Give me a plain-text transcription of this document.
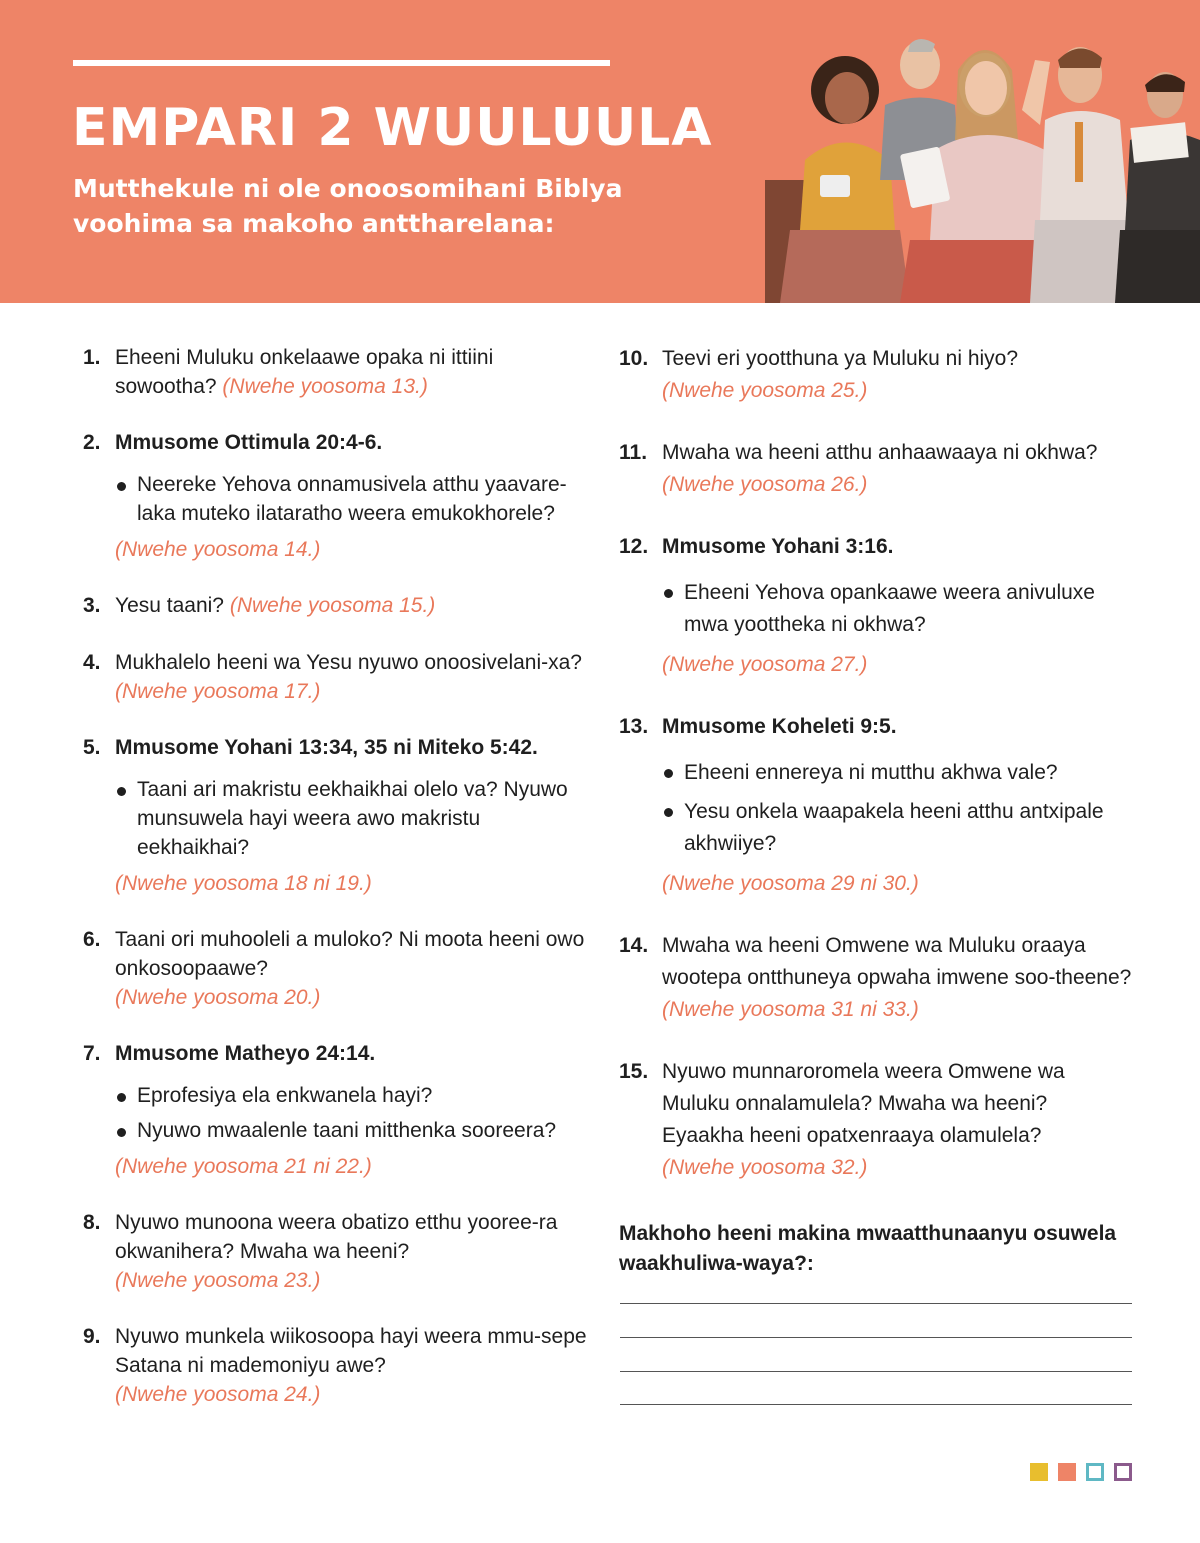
EMPARI 2 WUULUULA

Mutthekule ni ole onoosomihani Biblya voohima sa makoho anttharelana:

1. Eheeni Muluku onkelaawe opaka ni ittiini sowootha? (Nwehe yoosoma 13.)
2. Mmusome Ottimula 20:4-6.
Neereke Yehova onnamusivela atthu yaavare-laka muteko ilataratho weera emukokhorele?
(Nwehe yoosoma 14.)
3. Yesu taani? (Nwehe yoosoma 15.)
4. Mukhalelo heeni wa Yesu nyuwo onoosivelani-xa? (Nwehe yoosoma 17.)
5. Mmusome Yohani 13:34, 35 ni Miteko 5:42.
Taani ari makristu eekhaikhai olelo va? Nyuwo munsuwela hayi weera awo makristu eekhaikhai?
(Nwehe yoosoma 18 ni 19.)
6. Taani ori muhooleli a muloko? Ni moota heeni owo onkosoopaawe?
(Nwehe yoosoma 20.)
7. Mmusome Matheyo 24:14.
Eprofesiya ela enkwanela hayi?
Nyuwo mwaalenle taani mitthenka sooreera?
(Nwehe yoosoma 21 ni 22.)
8. Nyuwo munoona weera obatizo etthu yooree-ra okwanihera? Mwaha wa heeni?
(Nwehe yoosoma 23.)
9. Nyuwo munkela wiikosoopa hayi weera mmu-sepe Satana ni mademoniyu awe?
(Nwehe yoosoma 24.)
10. Teevi eri yootthuna ya Muluku ni hiyo?
(Nwehe yoosoma 25.)
11. Mwaha wa heeni atthu anhaawaaya ni okhwa?
(Nwehe yoosoma 26.)
12. Mmusome Yohani 3:16.
Eheeni Yehova opankaawe weera anivuluxe mwa yoottheka ni okhwa?
(Nwehe yoosoma 27.)
13. Mmusome Koheleti 9:5.
Eheeni ennereya ni mutthu akhwa vale?
Yesu onkela waapakela heeni atthu antxipale akhwiiye?
(Nwehe yoosoma 29 ni 30.)
14. Mwaha wa heeni Omwene wa Muluku oraaya wootepa ontthuneya opwaha imwene soo-theene? (Nwehe yoosoma 31 ni 33.)
15. Nyuwo munnaroromela weera Omwene wa Muluku onnalamulela? Mwaha wa heeni? Eyaakha heeni opatxenraaya olamulela?
(Nwehe yoosoma 32.)
Makhoho heeni makina mwaatthunaanyu osuwela waakhuliwa-waya?:
